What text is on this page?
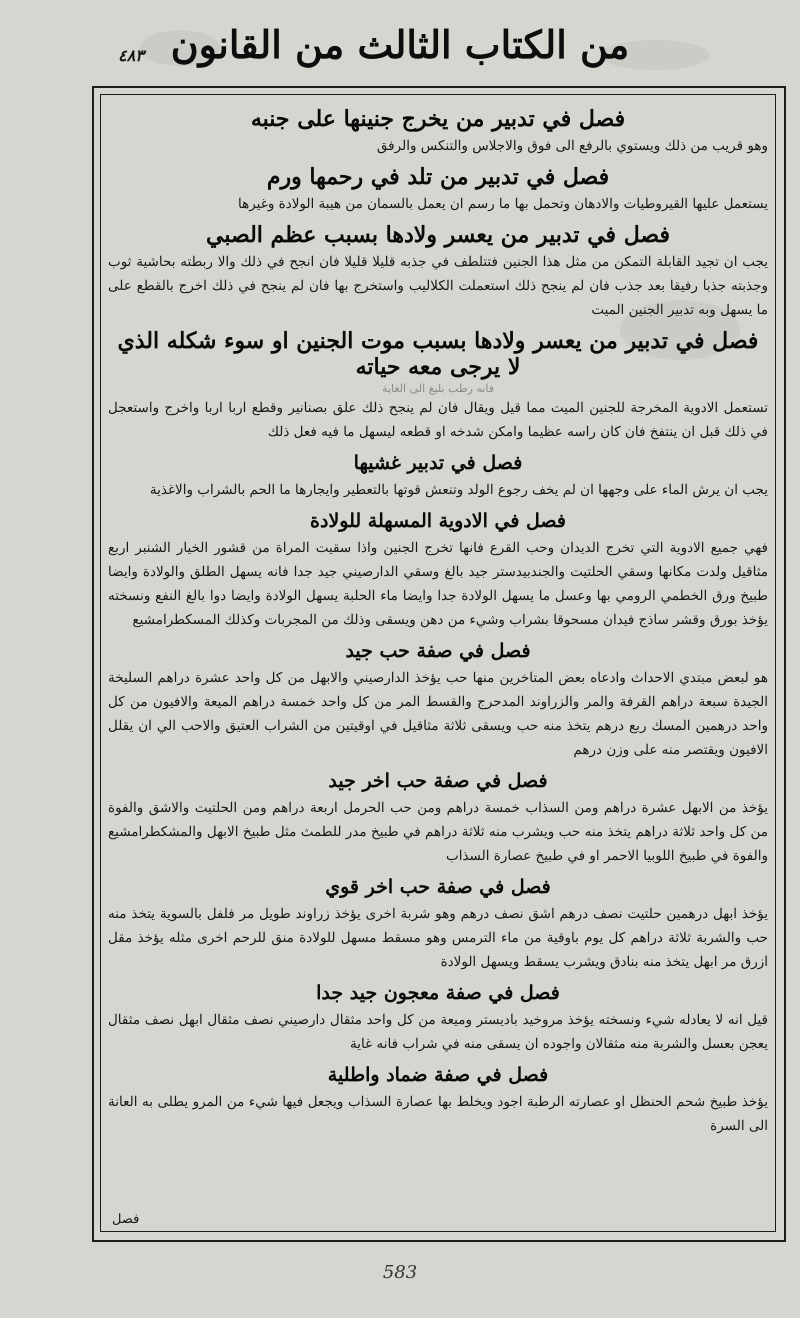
٤٨٣ من الكتاب الثالث من القانون
فصل في تدبير من يخرج جنينها على جنبه

وهو قريب من ذلك ويستوي بالرفع الى فوق والاجلاس والتنكس والرفق

فصل في تدبير من تلد في رحمها ورم

يستعمل عليها القيروطيات والادهان وتحمل بها ما رسم ان يعمل بالسمان من هيبة الولادة وغيرها

فصل في تدبير من يعسر ولادها بسبب عظم الصبي

يجب ان تجيد القابلة التمكن من مثل هذا الجنين فتتلطف في جذبه قليلا قليلا فان انجح في ذلك والا ربطته بحاشية ثوب وجذبته جذبا رفيقا بعد جذب فان لم ينجح ذلك استعملت الكلاليب واستخرج بها فان لم ينجح في ذلك اخرج بالقطع على ما يسهل وبه تدبير الجنين الميت

فصل في تدبير من يعسر ولادها بسبب موت الجنين او سوء شكله الذي لا يرجى معه حياته

فانه رطب بليغ الى الغاية

تستعمل الادوية المخرجة للجنين الميت مما قيل ويقال فان لم ينجح ذلك علق بصنانير وقطع اربا اربا واخرج واستعجل في ذلك قبل ان ينتفخ فان كان راسه عظيما وامكن شدخه او قطعه ليسهل ما فيه فعل ذلك

فصل في تدبير غشيها

يجب ان يرش الماء على وجهها ان لم يخف رجوع الولد وتنعش قوتها بالتعطير وايجارها ما الحم بالشراب والاغذية

فصل في الادوية المسهلة للولادة

فهي جميع الادوية التي تخرج الديدان وحب القرع فانها تخرج الجنين واذا سقيت المراة من قشور الخيار الشنبر اربع مثاقيل ولدت مكانها وسقي الحلتيت والجندبيدستر جيد بالغ وسقي الدارصيني جيد جدا فانه يسهل الطلق والولادة وايضا طبيخ ورق الخطمي الرومي بها وعسل ما يسهل الولادة جدا وايضا ماء الحلبة يسهل الولادة وايضا دوا بالغ النفع ونسخته يؤخذ بورق وقشر ساذج فيدان مسحوقا بشراب وشيء من دهن ويسقى وذلك من المجربات وكذلك المسكطرامشيع

فصل في صفة حب جيد

هو لبعض مبتدي الاحداث وادعاه بعض المتاخرين منها حب يؤخذ الدارصيني والابهل من كل واحد عشرة دراهم السليخة الجيدة سبعة دراهم القرفة والمر والزراوند المدحرج والقسط المر من كل واحد خمسة دراهم الميعة والافيون من كل واحد درهمين المسك ربع درهم يتخذ منه حب ويسقى ثلاثة مثاقيل في اوقيتين من الشراب العتيق والاحب الي ان يقلل الافيون ويقتصر منه على وزن درهم

فصل في صفة حب اخر جيد

يؤخذ من الابهل عشرة دراهم ومن السذاب خمسة دراهم ومن حب الحرمل اربعة دراهم ومن الحلتيت والاشق والفوة من كل واحد ثلاثة دراهم يتخذ منه حب ويشرب منه ثلاثة دراهم في طبيخ مدر للطمث مثل طبيخ الابهل والمشكطرامشيع والفوة في طبيخ اللوبيا الاحمر او في طبيخ عصارة السذاب

فصل في صفة حب اخر قوي

يؤخذ ابهل درهمين حلتيت نصف درهم اشق نصف درهم وهو شربة اخرى يؤخذ زراوند طويل مر فلفل بالسوية يتخذ منه حب والشربة ثلاثة دراهم كل يوم باوقية من ماء الترمس وهو مسقط مسهل للولادة منق للرحم اخرى مثله يؤخذ مقل ازرق مر ابهل يتخذ منه بنادق ويشرب يسقط ويسهل الولادة

فصل في صفة معجون جيد جدا

قيل انه لا يعادله شيء ونسخته يؤخذ مروخيد باديستر وميعة من كل واحد مثقال دارصيني نصف مثقال ابهل نصف مثقال يعجن بعسل والشربة منه مثقالان واجوده ان يسقى منه في شراب فانه غاية

فصل في صفة ضماد واطلية

يؤخذ طبيخ شحم الحنظل او عصارته الرطبة اجود ويخلط بها عصارة السذاب ويجعل فيها شيء من المرو يطلى به العانة الى السرة

فصل
583
